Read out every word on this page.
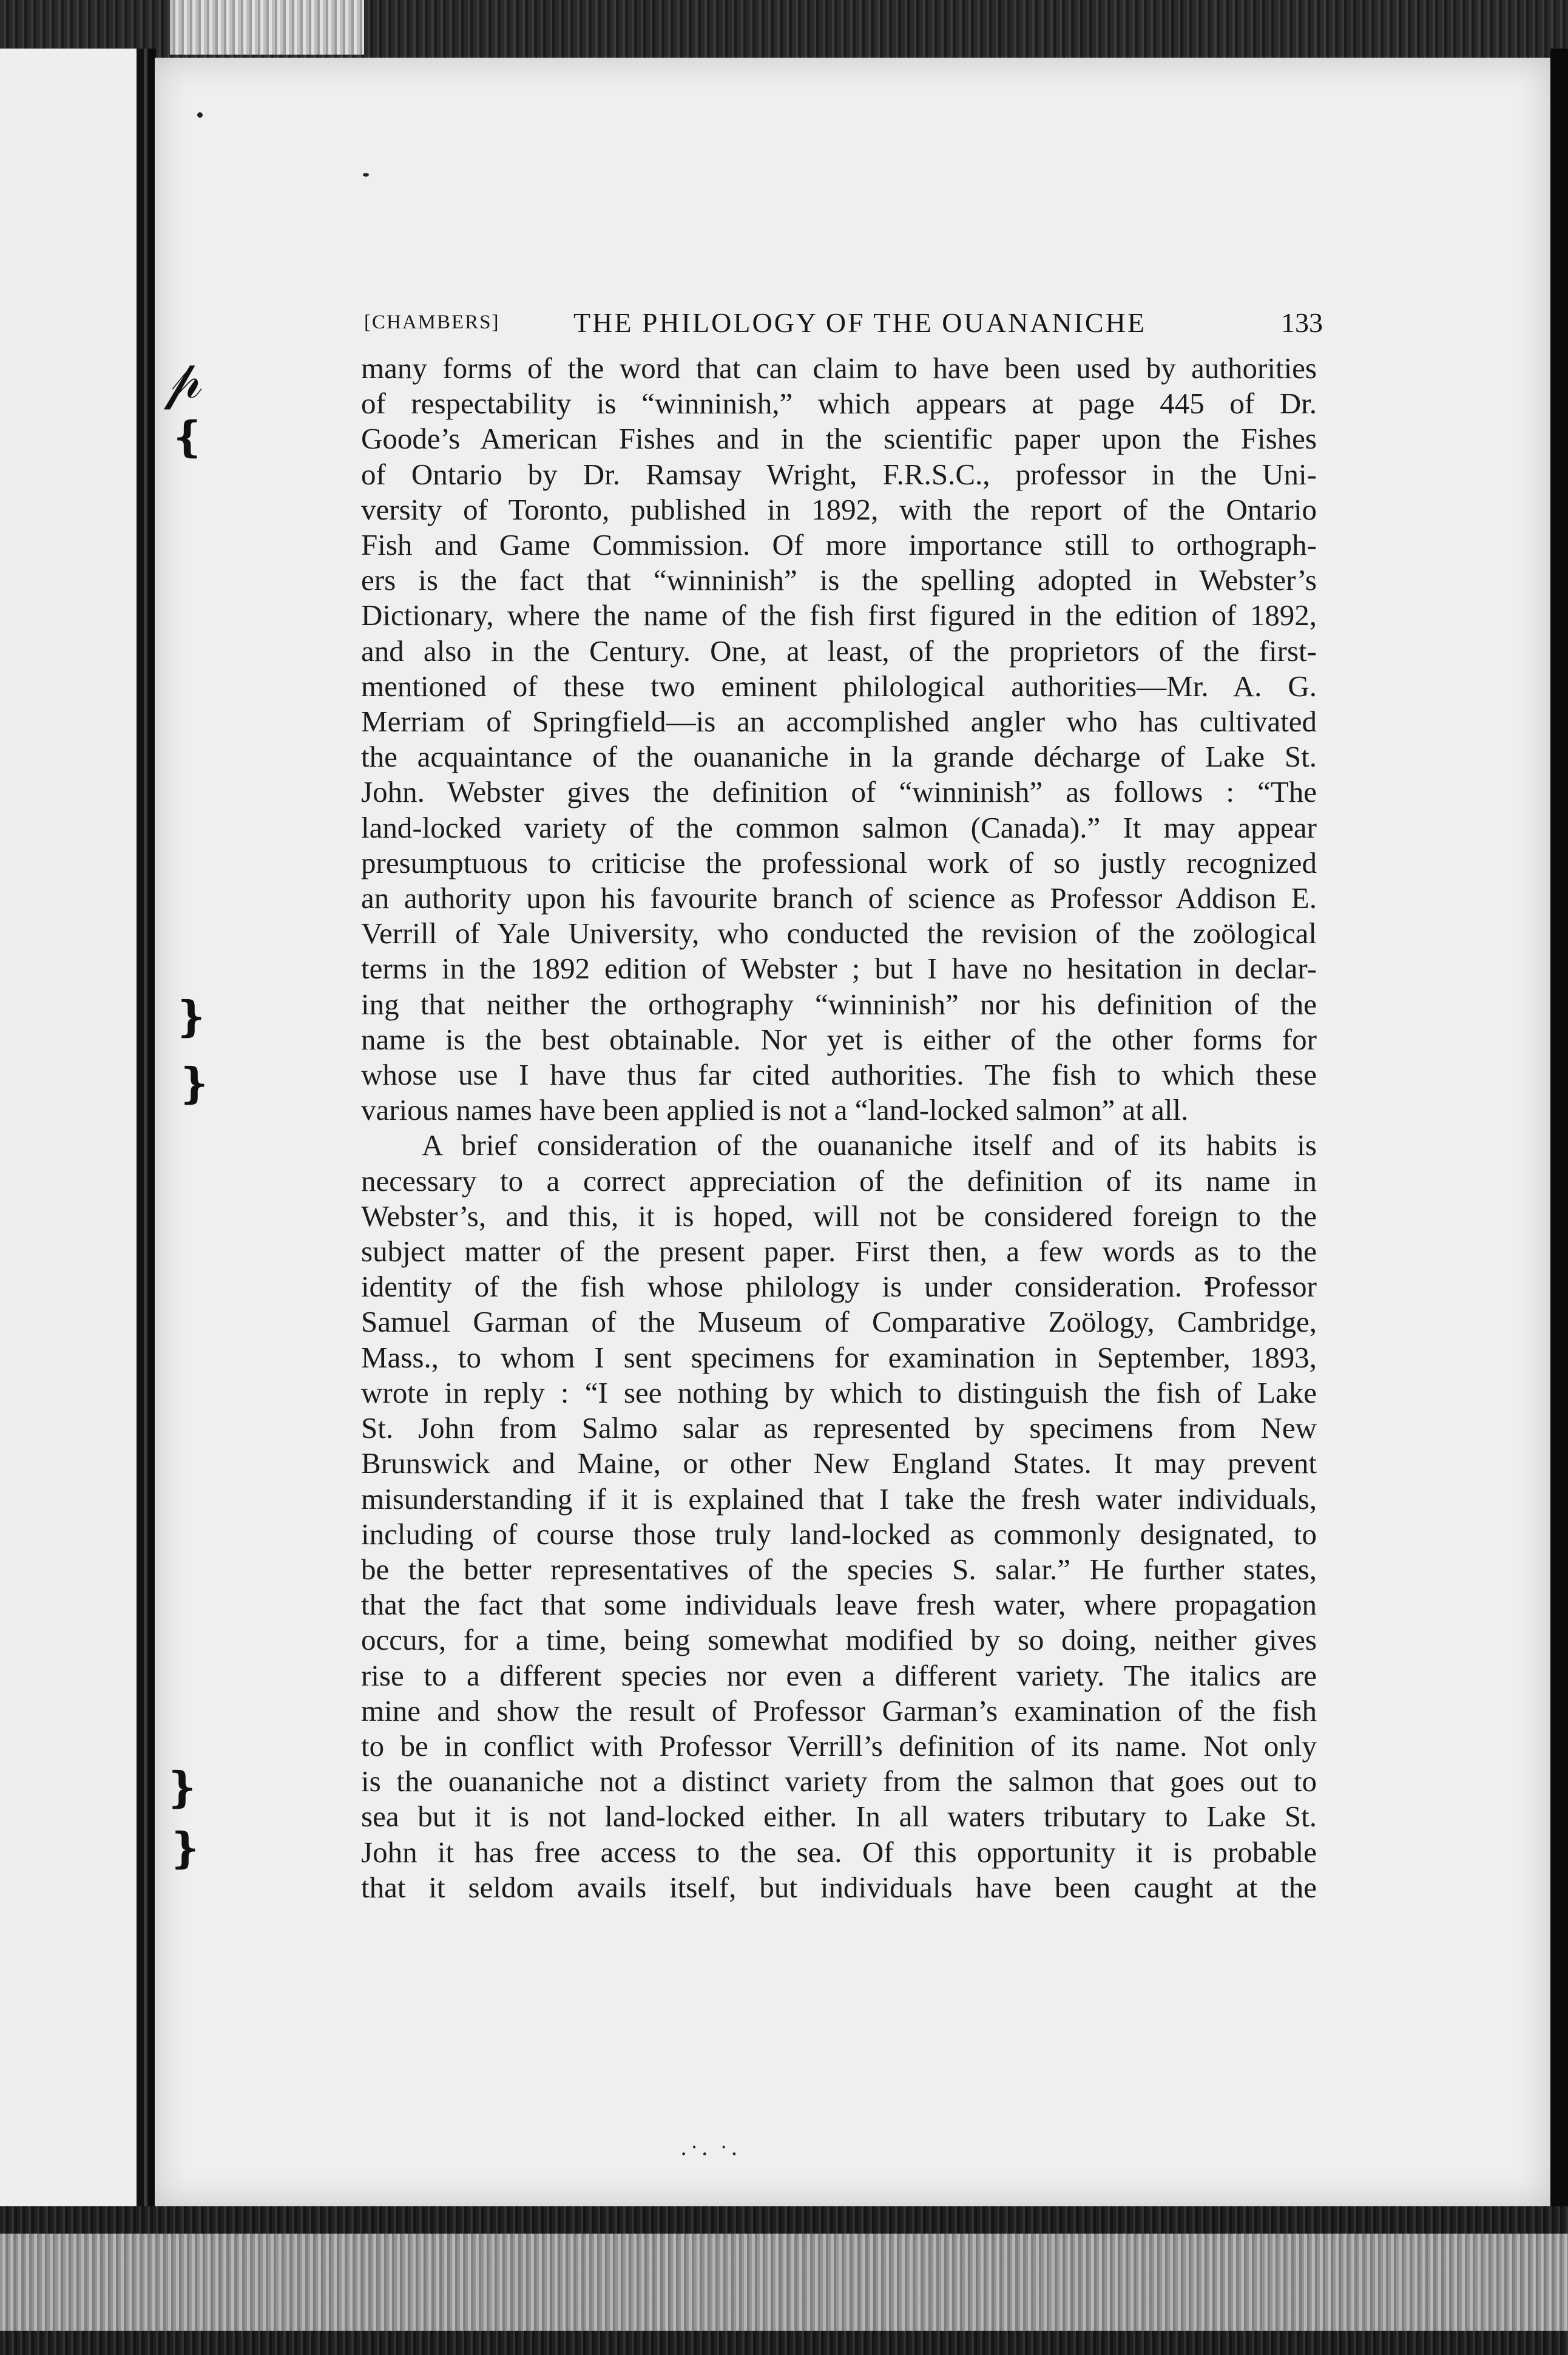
𝓅
❴
❵
❵
❵
❵
[CHAMBERS]	THE PHILOLOGY OF THE OUANANICHE	133

many forms of the word that can claim to have been used by authorities
of respectability is “winninish,” which appears at page 445 of Dr.
Goode’s American Fishes and in the scientific paper upon the Fishes
of Ontario by Dr. Ramsay Wright, F.R.S.C., professor in the Uni-
versity of Toronto, published in 1892, with the report of the Ontario
Fish and Game Commission. Of more importance still to orthograph-
ers is the fact that “winninish” is the spelling adopted in Webster’s
Dictionary, where the name of the fish first figured in the edition of 1892,
and also in the Century. One, at least, of the proprietors of the first-
mentioned of these two eminent philological authorities—Mr. A. G.
Merriam of Springfield—is an accomplished angler who has cultivated
the acquaintance of the ouananiche in la grande décharge of Lake St.
John. Webster gives the definition of “winninish” as follows : “The
land-locked variety of the common salmon (Canada).” It may appear
presumptuous to criticise the professional work of so justly recognized
an authority upon his favourite branch of science as Professor Addison E.
Verrill of Yale University, who conducted the revision of the zoölogical
terms in the 1892 edition of Webster ; but I have no hesitation in declar-
ing that neither the orthography “winninish” nor his definition of the
name is the best obtainable. Nor yet is either of the other forms for
whose use I have thus far cited authorities. The fish to which these
various names have been applied is not a “land-locked salmon” at all.

A brief consideration of the ouananiche itself and of its habits is
necessary to a correct appreciation of the definition of its name in
Webster’s, and this, it is hoped, will not be considered foreign to the
subject matter of the present paper. First then, a few words as to the
identity of the fish whose philology is under consideration. Professor
Samuel Garman of the Museum of Comparative Zoölogy, Cambridge,
Mass., to whom I sent specimens for examination in September, 1893,
wrote in reply : “I see nothing by which to distinguish the fish of Lake
St. John from Salmo salar as represented by specimens from New
Brunswick and Maine, or other New England States. It may prevent
misunderstanding if it is explained that I take the fresh water individuals,
including of course those truly land-locked as commonly designated, to
be the better representatives of the species S. salar.” He further states,
that the fact that some individuals leave fresh water, where propagation
occurs, for a time, being somewhat modified by so doing, neither gives
rise to a different species nor even a different variety. The italics are
mine and show the result of Professor Garman’s examination of the fish
to be in conflict with Professor Verrill’s definition of its name. Not only
is the ouananiche not a distinct variety from the salmon that goes out to
sea but it is not land-locked either. In all waters tributary to Lake St.
John it has free access to the sea. Of this opportunity it is probable
that it seldom avails itself, but individuals have been caught at the

·˙· ˙·
